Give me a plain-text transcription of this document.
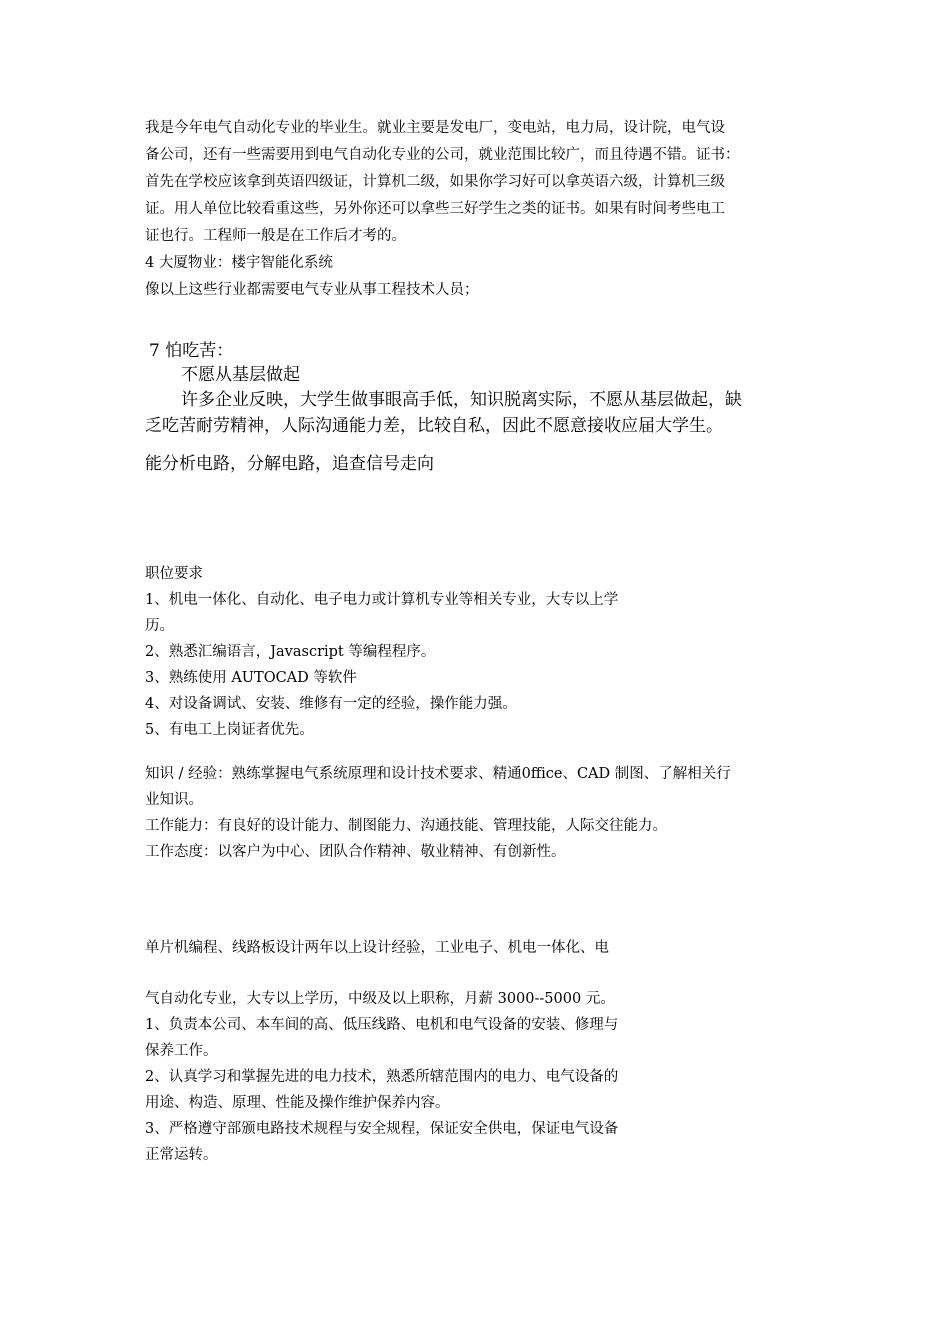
我是今年电气自动化专业的毕业生。就业主要是发电厂，变电站，电力局，设计院，电气设

备公司，还有一些需要用到电气自动化专业的公司，就业范围比较广，而且待遇不错。证书：

首先在学校应该拿到英语四级证，计算机二级，如果你学习好可以拿英语六级，计算机三级

证。用人单位比较看重这些，另外你还可以拿些三好学生之类的证书。如果有时间考些电工

证也行。工程师一般是在工作后才考的。

4 大厦物业：楼宇智能化系统

像以上这些行业都需要电气专业从事工程技术人员；

7 怕吃苦：

不愿从基层做起

许多企业反映，大学生做事眼高手低，知识脱离实际，不愿从基层做起，缺

乏吃苦耐劳精神，人际沟通能力差，比较自私，因此不愿意接收应届大学生。

能分析电路，分解电路，追查信号走向

职位要求

1、机电一体化、自动化、电子电力或计算机专业等相关专业，大专以上学

历。

2、熟悉汇编语言，Javascript 等编程程序。

3、熟练使用 AUTOCAD 等软件

4、对设备调试、安装、维修有一定的经验，操作能力强。

5、有电工上岗证者优先。

知识 / 经验：熟练掌握电气系统原理和设计技术要求、精通0ffice、CAD 制图、了解相关行

业知识。

工作能力：有良好的设计能力、制图能力、沟通技能、管理技能，人际交往能力。

工作态度：以客户为中心、团队合作精神、敬业精神、有创新性。

单片机编程、线路板设计两年以上设计经验，工业电子、机电一体化、电

气自动化专业，大专以上学历，中级及以上职称，月薪 3000--5000 元。

1、负责本公司、本车间的高、低压线路、电机和电气设备的安装、修理与

保养工作。

2、认真学习和掌握先进的电力技术，熟悉所辖范围内的电力、电气设备的

用途、构造、原理、性能及操作维护保养内容。

3、严格遵守部颁电路技术规程与安全规程，保证安全供电，保证电气设备

正常运转。
